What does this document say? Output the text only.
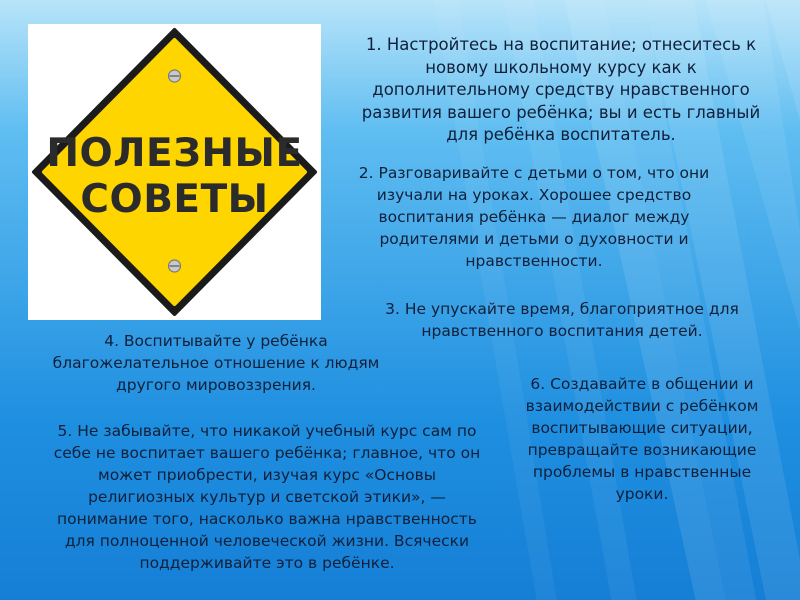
ПОЛЕЗНЫЕ
СОВЕТЫ

1. Настройтесь на воспитание; отнеситесь к
новому школьному курсу как к
дополнительному средству нравственного
развития вашего ребёнка; вы и есть главный
для ребёнка воспитатель.

2. Разговаривайте с детьми о том, что они
изучали на уроках. Хорошее средство
воспитания ребёнка — диалог между
родителями и детьми о духовности и
нравственности.

3. Не упускайте время, благоприятное для
нравственного воспитания детей.

4. Воспитывайте у ребёнка
благожелательное отношение к людям
другого мировоззрения.

5. Не забывайте, что никакой учебный курс сам по
себе не воспитает вашего ребёнка; главное, что он
может приобрести, изучая курс «Основы
религиозных культур и светской этики», —
понимание того, насколько важна нравственность
для полноценной человеческой жизни. Всячески
поддерживайте это в ребёнке.

6. Создавайте в общении и
взаимодействии с ребёнком
воспитывающие ситуации,
превращайте возникающие
проблемы в нравственные
уроки.
